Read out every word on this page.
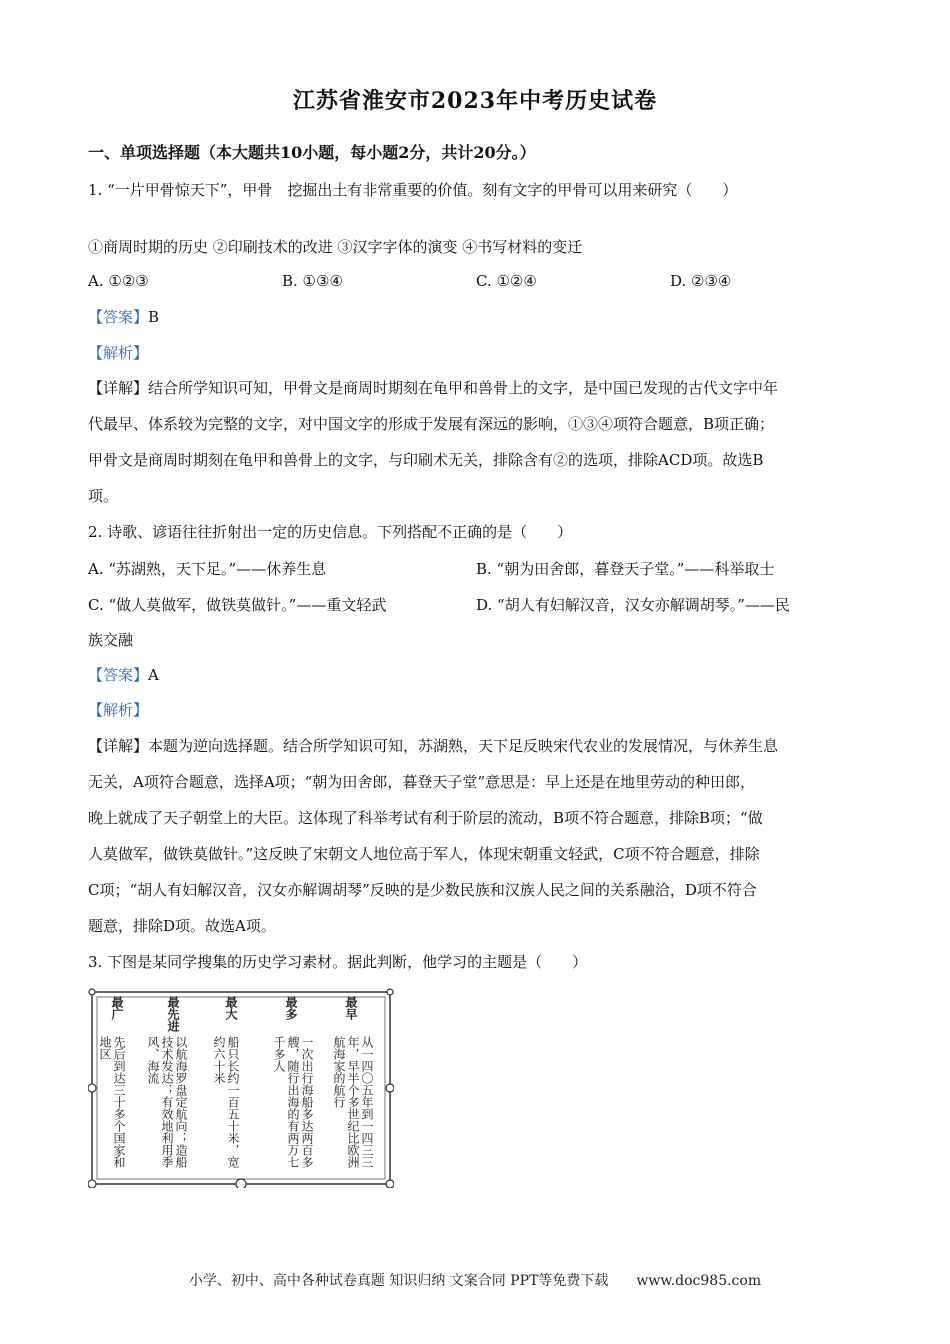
江苏省淮安市2023年中考历史试卷
一、单项选择题（本大题共10小题，每小题2分，共计20分。）
1. “一片甲骨惊天下”，甲骨　挖掘出土有非常重要的价值。刻有文字的甲骨可以用来研究（　　）
①商周时期的历史 ②印刷技术的改进 ③汉字字体的演变 ④书写材料的变迁
A. ①②③	B. ①③④	C. ①②④	D. ②③④
【答案】B
【解析】
【详解】结合所学知识可知，甲骨文是商周时期刻在龟甲和兽骨上的文字，是中国已发现的古代文字中年
代最早、体系较为完整的文字，对中国文字的形成于发展有深远的影响，①③④项符合题意，B项正确；
甲骨文是商周时期刻在龟甲和兽骨上的文字，与印刷术无关，排除含有②的选项，排除ACD项。故选B
项。
2. 诗歌、谚语往往折射出一定的历史信息。下列搭配不正确的是（　　）
A. “苏湖熟，天下足。”——休养生息	B. “朝为田舍郎，暮登天子堂。”——科举取士
C. “做人莫做军，做铁莫做针。”——重文轻武	D. “胡人有妇解汉音，汉女亦解调胡琴。”——民
族交融
【答案】A
【解析】
【详解】本题为逆向选择题。结合所学知识可知，苏湖熟，天下足反映宋代农业的发展情况，与休养生息
无关，A项符合题意，选择A项；“朝为田舍郎，暮登天子堂”意思是：早上还是在地里劳动的种田郎，
晚上就成了天子朝堂上的大臣。这体现了科举考试有利于阶层的流动，B项不符合题意，排除B项；“做
人莫做军，做铁莫做针。”这反映了宋朝文人地位高于军人，体现宋朝重文轻武，C项不符合题意，排除
C项；“胡人有妇解汉音，汉女亦解调胡琴”反映的是少数民族和汉族人民之间的关系融洽，D项不符合
题意，排除D项。故选A项。
3. 下图是某同学搜集的历史学习素材。据此判断，他学习的主题是（　　）
最早
从一四〇五年到一四三三年，早半个多世纪比欧洲航海家的航行
最多
一次出行海船多达两百多艘，随行出海的有两万七千多人
最大
船只长约一百五十米，宽约六十米
最先进
以航海罗盘定航向；造船技术发达；有效地利用季风、海流
最广
先后到达三十多个国家和地区
小学、初中、高中各种试卷真题 知识归纳 文案合同 PPT等免费下载　　www.doc985.com
